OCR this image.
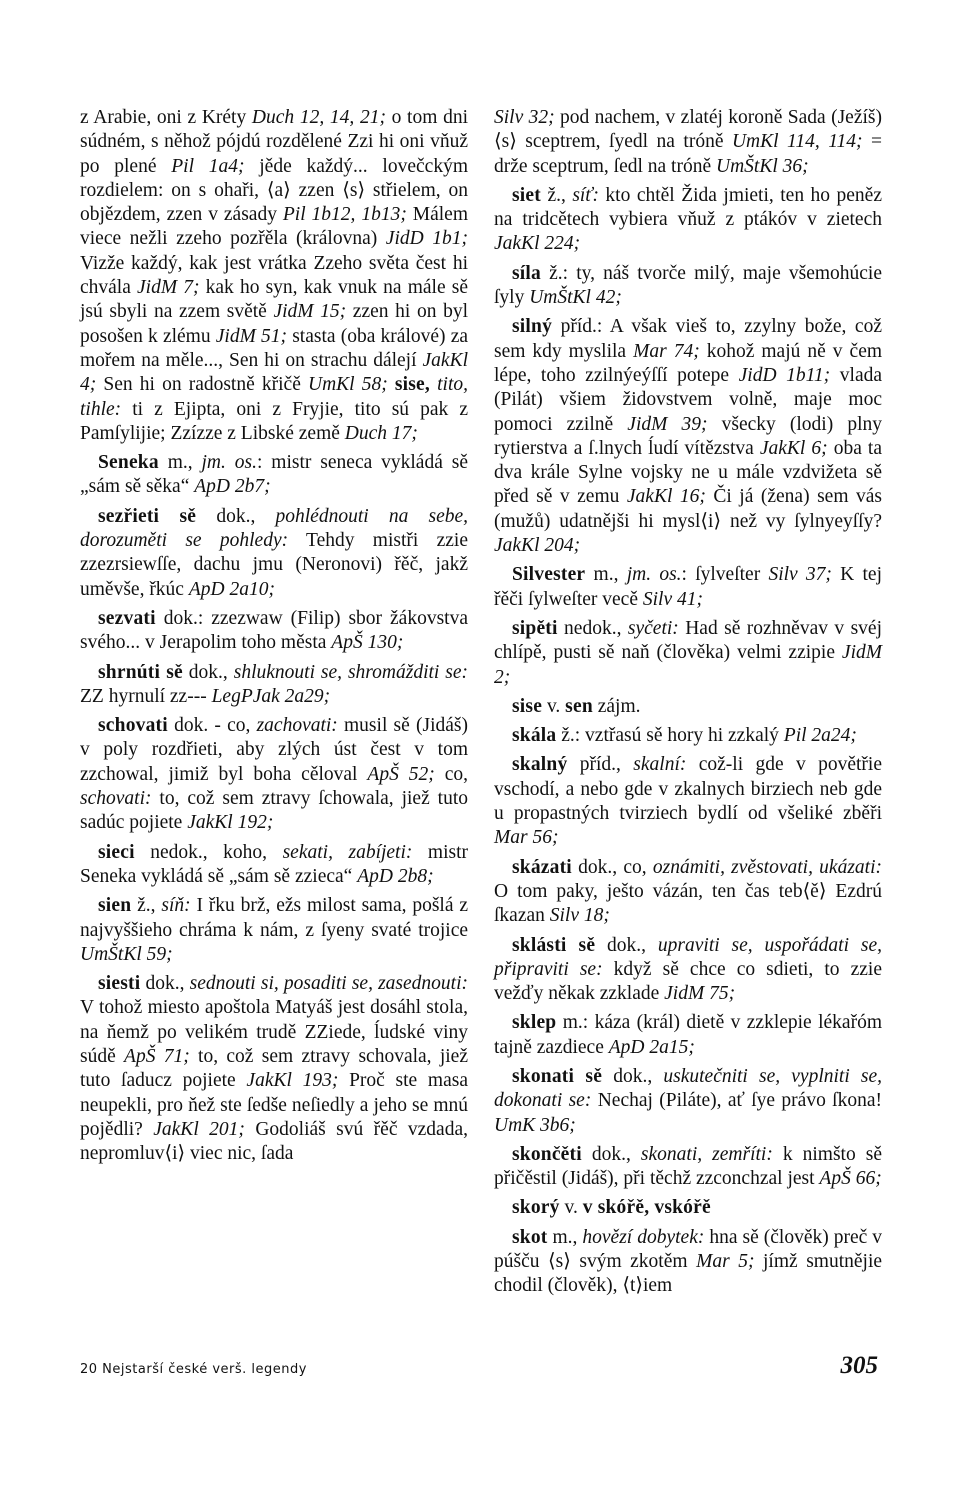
z Arabie, oni z Kréty Duch 12, 14, 21; o tom dni súdném, s něhož pójdú rozdělené Zzi hi oni vňuž po plené Pil 1a4; jěde každý... lovečckým rozdielem: on s ohaři, ⟨a⟩ zzen ⟨s⟩ střielem, on objězdem, zzen v zásady Pil 1b12, 1b13; Málem viece nežli zzeho pozřěla (královna) JidD 1b1; Vizže každý, kak jest vrátka Zzeho světa čest hi chvála JidM 7; kak ho syn, kak vnuk na mále sě jsú sbyli na zzem světě JidM 15; zzen hi on byl posošen k zlému JidM 51; stasta (oba králové) za mořem na měle..., Sen hi on strachu dálejí JakKl 4; Sen hi on radostně křičě UmKl 58; sise, tito, tihle: ti z Ejipta, oni z Fryjie, tito sú pak z Pamſylijie; Zzízze z Libské země Duch 17;

Seneka m., jm. os.: mistr seneca vykládá sě „sám sě sěka“ ApD 2b7;

sezřieti sě dok., pohlédnouti na sebe, dorozuměti se pohledy: Tehdy mistři zzie zzezrsiewſſe, dachu jmu (Neronovi) řěč, jakž uměvše, řkúc ApD 2a10;

sezvati dok.: zzezwaw (Filip) sbor žákovstva svého... v Jerapolim toho města ApŠ 130;

shrnúti sě dok., shluknouti se, shromážditi se: ZZ hyrnulí zz--- LegPJak 2a29;

schovati dok. - co, zachovati: musil sě (Jidáš) v poly rozdřieti, aby zlých úst čest v tom zzchowal, jimiž byl boha cěloval ApŠ 52; co, schovati: to, což sem ztravy ſchowala, jiež tuto sadúc pojiete JakKl 192;

sieci nedok., koho, sekati, zabíjeti: mistr Seneka vykládá sě „sám sě zzieca“ ApD 2b8;

sien ž., síň: I řku brž, ežs milost sama, pošlá z najvyššieho chráma k nám, z ſyeny svaté trojice UmŠtKl 59;

siesti dok., sednouti si, posaditi se, zasednouti: V tohož miesto apoštola Matyáš jest dosáhl stola, na ňemž po velikém trudě ZZiede, ĺudské viny súdě ApŠ 71; to, což sem ztravy schovala, jiež tuto ſaducz pojiete JakKl 193; Proč ste masa neupekli, pro ňež ste ſedše neſiedly a jeho se mnú pojědli? JakKl 201; Godoliáš svú řěč vzdada, nepromluv⟨i⟩ viec nic, ſada

Silv 32; pod nachem, v zlatéj koroně Sada (Ježíš) ⟨s⟩ sceptrem, ſyedl na tróně UmKl 114, 114; = drže sceptrum, ſedl na tróně UmŠtKl 36;

siet ž., síť: kto chtěl Žida jmieti, ten ho peněz na tridcětech vybiera vňuž z ptákóv v zietech JakKl 224;

síla ž.: ty, náš tvorče milý, maje všemohúcie ſyly UmŠtKl 42;

silný příd.: A však vieš to, zzylny bože, což sem kdy myslila Mar 74; kohož majú ně v čem lépe, toho zzilnýeýſſí potepe JidD 1b11; vlada (Pilát) všiem židovstvem volně, maje moc pomoci zzilně JidM 39; všecky (lodi) plny rytierstva a ſ.lnych ĺudí vítězstva JakKl 6; oba ta dva krále Sylne vojsky ne u mále vzdvižeta sě před sě v zemu JakKl 16; Či já (žena) sem vás (mužů) udatnějši hi mysl⟨i⟩ než vy ſylnyeyſſy? JakKl 204;

Silvester m., jm. os.: ſylveſter Silv 37; K tej řěči ſylweſter vecě Silv 41;

sipěti nedok., syčeti: Had sě rozhněvav v svéj chlípě, pusti sě naň (člověka) velmi zzipie JidM 2;

sise v. sen zájm.

skála ž.: vztřasú sě hory hi zzkalý Pil 2a24;

skalný příd., skalní: což-li gde v povětřie vschodí, a nebo gde v zkalnych birziech neb gde u propastných tvirziech bydlí od všeliké zběři Mar 56;

skázati dok., co, oznámiti, zvěstovati, ukázati: O tom paky, ješto vázán, ten čas teb⟨ě⟩ Ezdrú ſkazan Silv 18;

sklásti sě dok., upraviti se, uspořádati se, připraviti se: když sě chce co sdieti, to zzie vežďy někak zzklade JidM 75;

sklep m.: káza (král) dietě v zzklepie lékařóm tajně zazdiece ApD 2a15;

skonati sě dok., uskutečniti se, vyplniti se, dokonati se: Nechaj (Piláte), ať ſye právo ſkona! UmK 3b6;

skončěti dok., skonati, zemříti: k nimšto sě přičěstil (Jidáš), při těchž zzconchzal jest ApŠ 66;

skorý v. v skóřě, vskóřě

skot m., hovězí dobytek: hna sě (člověk) preč v púšču ⟨s⟩ svým zkotěm Mar 5; jímž smutnějie chodil (člověk), ⟨t⟩iem

20 Nejstarší české verš. legendy	305
